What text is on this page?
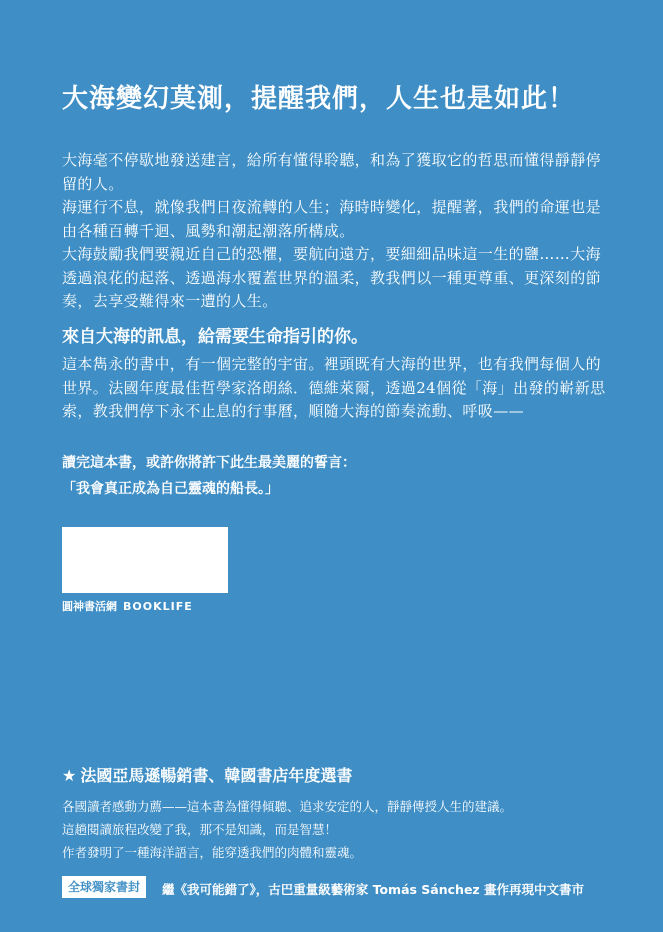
大海變幻莫測，提醒我們，人生也是如此！

大海毫不停歇地發送建言，給所有懂得聆聽，和為了獲取它的哲思而懂得靜靜停留的人。

海運行不息，就像我們日夜流轉的人生；海時時變化，提醒著，我們的命運也是由各種百轉千迴、風勢和潮起潮落所構成。

大海鼓勵我們要親近自己的恐懼，要航向遠方，要細細品味這一生的鹽……大海透過浪花的起落、透過海水覆蓋世界的溫柔，教我們以一種更尊重、更深刻的節奏，去享受難得來一遭的人生。

來自大海的訊息，給需要生命指引的你。
這本雋永的書中，有一個完整的宇宙。裡頭既有大海的世界，也有我們每個人的世界。法國年度最佳哲學家洛朗絲．德維萊爾，透過24個從「海」出發的嶄新思索，教我們停下永不止息的行事曆，順隨大海的節奏流動、呼吸——
讀完這本書，或許你將許下此生最美麗的誓言：
「我會真正成為自己靈魂的船長。」
圓神書活網 BOOKLIFE
★ 法國亞馬遜暢銷書、韓國書店年度選書

各國讀者感動力薦——這本書為懂得傾聽、追求安定的人，靜靜傳授人生的建議。

這趟閱讀旅程改變了我，那不是知識，而是智慧！

作者發明了一種海洋語言，能穿透我們的肉體和靈魂。

全球獨家書封	繼《我可能錯了》，古巴重量級藝術家 Tomás Sánchez 畫作再現中文書市
